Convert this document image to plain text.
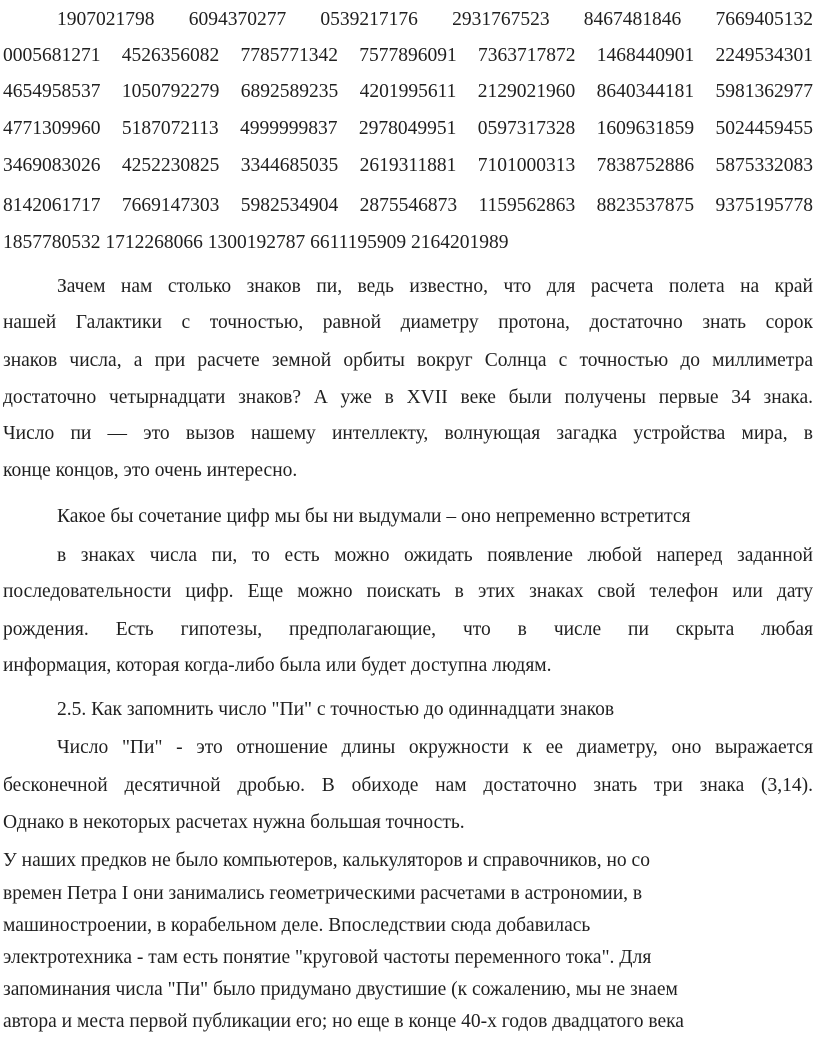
1907021798 6094370277 0539217176 2931767523 8467481846 7669405132
0005681271 4526356082 7785771342 7577896091 7363717872 1468440901 2249534301
4654958537 1050792279 6892589235 4201995611 2129021960 8640344181 5981362977
4771309960 5187072113 4999999837 2978049951 0597317328 1609631859 5024459455
3469083026 4252230825 3344685035 2619311881 7101000313 7838752886 5875332083
8142061717 7669147303 5982534904 2875546873 1159562863 8823537875 9375195778
1857780532 1712268066 1300192787 6611195909 2164201989
Зачем нам столько знаков пи, ведь известно, что для расчета полета на край
нашей Галактики с точностью, равной диаметру протона, достаточно знать сорок
знаков числа, а при расчете земной орбиты вокруг Солнца с точностью до миллиметра
достаточно четырнадцати знаков? А уже в XVII веке были получены первые 34 знака.
Число пи — это вызов нашему интеллекту, волнующая загадка устройства мира, в
конце концов, это очень интересно.
Какое бы сочетание цифр мы бы ни выдумали – оно непременно встретится
в знаках числа пи, то есть можно ожидать появление любой наперед заданной
последовательности цифр. Еще можно поискать в этих знаках свой телефон или дату
рождения. Есть гипотезы, предполагающие, что в числе пи скрыта любая
информация, которая когда-либо была или будет доступна людям.
2.5. Как запомнить число "Пи" с точностью до одиннадцати знаков
Число "Пи" - это отношение длины окружности к ее диаметру, оно выражается
бесконечной десятичной дробью. В обиходе нам достаточно знать три знака (3,14).
Однако в некоторых расчетах нужна большая точность.
У наших предков не было компьютеров, калькуляторов и справочников, но со
времен Петра I они занимались геометрическими расчетами в астрономии, в
машиностроении, в корабельном деле. Впоследствии сюда добавилась
электротехника - там есть понятие "круговой частоты переменного тока". Для
запоминания числа "Пи" было придумано двустишие (к сожалению, мы не знаем
автора и места первой публикации его; но еще в конце 40-х годов двадцатого века
